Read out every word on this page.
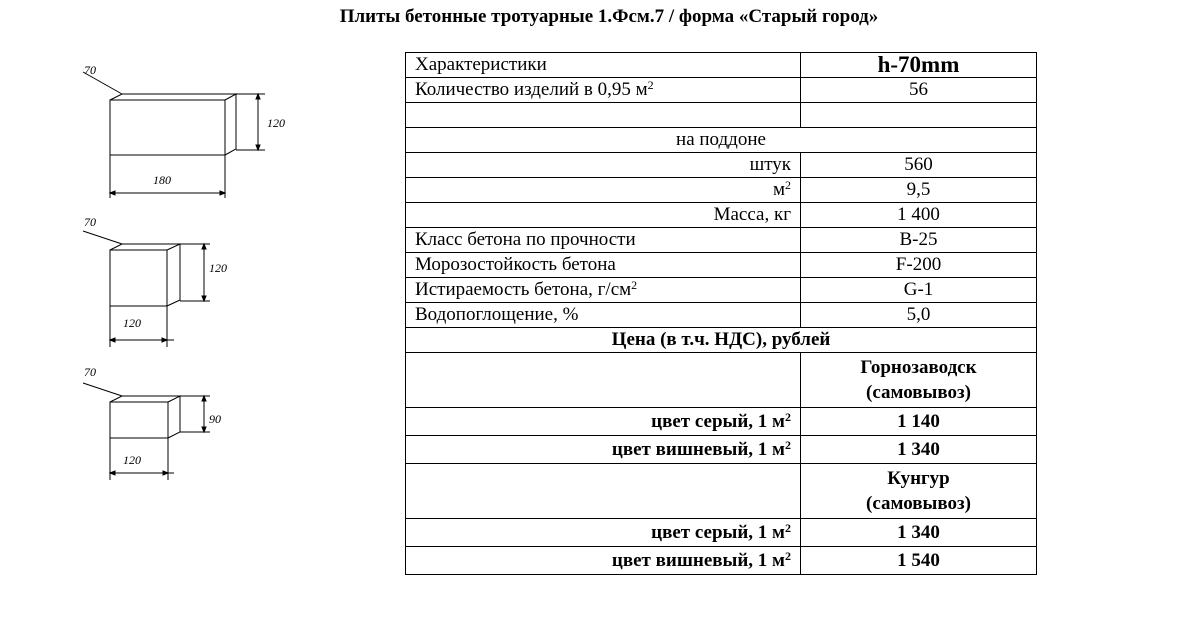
Плиты бетонные тротуарные 1.Фсм.7 / форма «Старый город»
70
120
180
70
120
120
70
90
120
Характеристики	h-70mm
Количество изделий в 0,95 $м^2$	56

на поддоне	
штук	560
$м^2$	9,5
Масса, кг	1 400
Класс бетона по прочности	В-25
Морозостойкость бетона	F-200
Истираемость бетона, $г/см^2$	G-1
Водопоглощение, %	5,0
Цена (в т.ч. НДС), рублей	
	Горнозаводск
(самовывоз)
цвет серый, 1 $м^2$	1 140
цвет вишневый, 1 $м^2$	1 340
	Кунгур
(самовывоз)
цвет серый, 1 $м^2$	1 340
цвет вишневый, 1 $м^2$	1 540
